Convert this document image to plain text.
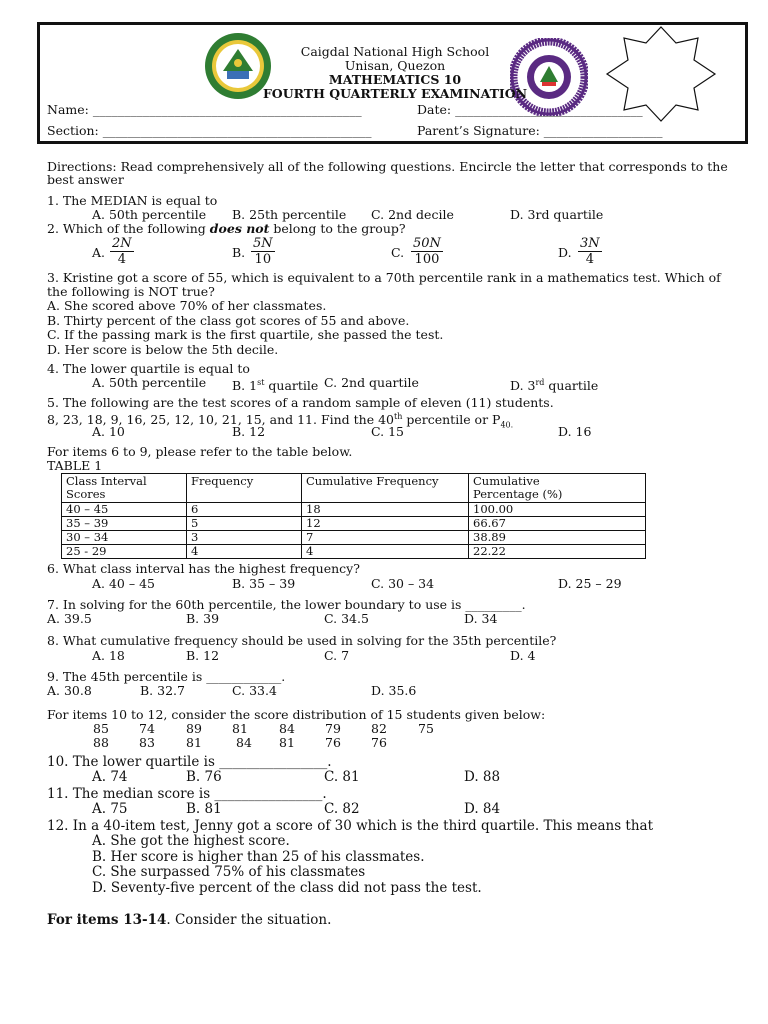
Caigdal National High School
Unisan, Quezon
MATHEMATICS 10
FOURTH QUARTERLY EXAMINATION
Name: ___________________________________________	Date: ______________________________
Section: ___________________________________________	Parent’s Signature: ___________________
Directions: Read comprehensively all of the following questions. Encircle the letter that corresponds to the
best answer
1. The MEDIAN is equal to
A. 50th percentile B. 25th percentile C. 2nd decile	D. 3rd quartile
2. Which of the following does not belong to the group?
A. $\frac{2N}{4}$	B. $\frac{5N}{10}$	C. $\frac{50N}{100}$	D. $\frac{3N}{4}$
3. Kristine got a score of 55, which is equivalent to a 70th percentile rank in a mathematics test. Which of
the following is NOT true?
A. She scored above 70% of her classmates.
B. Thirty percent of the class got scores of 55 and above.
C. If the passing mark is the first quartile, she passed the test.
D. Her score is below the 5th decile.
4. The lower quartile is equal to
A. 50th percentile B. 1st quartile C. 2nd quartile	D. 3rd quartile
5. The following are the test scores of a random sample of eleven (11) students.
8, 23, 18, 9, 16, 25, 12, 10, 21, 15, and 11. Find the 40th percentile or $P_{40.}$
A. 10	B. 12	C. 15	D. 16
For items 6 to 9, please refer to the table below.
TABLE 1
Class Interval
Scores	Frequency	Cumulative Frequency	Cumulative
Percentage (%)
40 – 45	6	18	100.00
35 – 39	5	12	66.67
30 – 34	3	7	38.89
25 - 29	4	4	22.22
6. What class interval has the highest frequency?
A. 40 – 45	B. 35 – 39	C. 30 – 34	D. 25 – 29
7. In solving for the 60th percentile, the lower boundary to use is _________.
A. 39.5	B. 39	C. 34.5	D. 34
8. What cumulative frequency should be used in solving for the 35th percentile?
A. 18	B. 12	C. 7	D. 4
9. The 45th percentile is ____________.
A. 30.8	B. 32.7	C. 33.4	D. 35.6
For items 10 to 12, consider the score distribution of 15 students given below:
85 74 89 81 84 79 82 75
88 83 81	84 81 76 76
10. The lower quartile is ________________.
A. 74	B. 76	C. 81	D. 88
11. The median score is ________________.
A. 75	B. 81	C. 82	D. 84
12. In a 40-item test, Jenny got a score of 30 which is the third quartile. This means that
A. She got the highest score.
B. Her score is higher than 25 of his classmates.
C. She surpassed 75% of his classmates
D. Seventy-five percent of the class did not pass the test.
For items 13-14. Consider the situation.
